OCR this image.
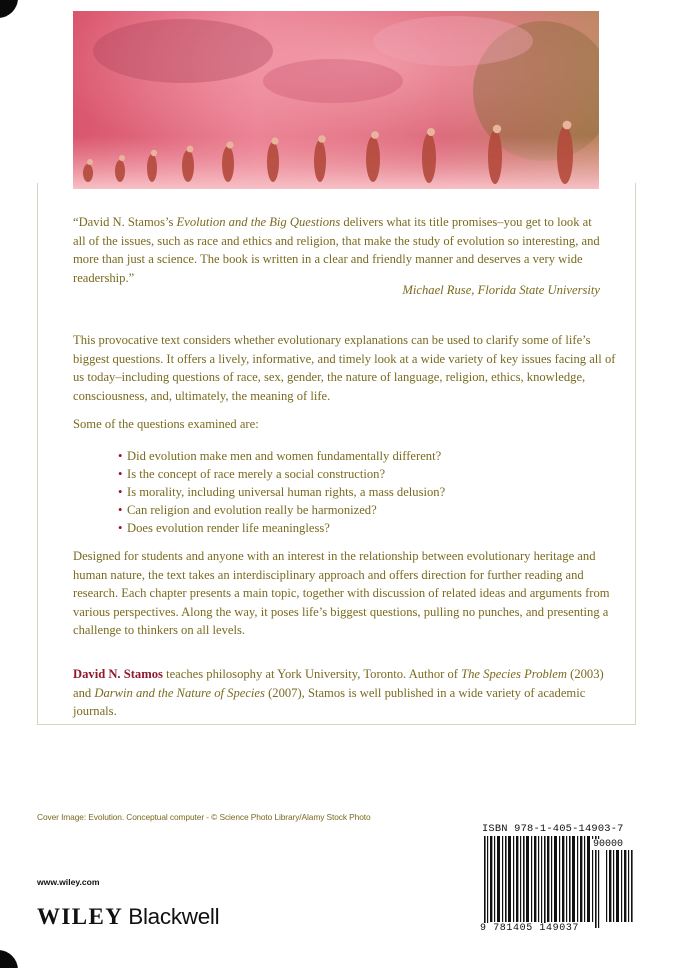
“David N. Stamos’s Evolution and the Big Questions delivers what its title promises–you get to look at all of the issues, such as race and ethics and religion, that make the study of evolution so interesting, and more than just a science. The book is written in a clear and friendly manner and deserves a very wide readership.”

Michael Ruse, Florida State University

This provocative text considers whether evolutionary explanations can be used to clarify some of life’s biggest questions. It offers a lively, informative, and timely look at a wide variety of key issues facing all of us today–including questions of race, sex, gender, the nature of language, religion, ethics, knowledge, consciousness, and, ultimately, the meaning of life.

Some of the questions examined are:

• Did evolution make men and women fundamentally different?
• Is the concept of race merely a social construction?
• Is morality, including universal human rights, a mass delusion?
• Can religion and evolution really be harmonized?
• Does evolution render life meaningless?

Designed for students and anyone with an interest in the relationship between evolutionary heritage and human nature, the text takes an interdisciplinary approach and offers direction for further reading and research. Each chapter presents a main topic, together with discussion of related ideas and arguments from various perspectives. Along the way, it poses life’s biggest questions, pulling no punches, and presenting a challenge to thinkers on all levels.

David N. Stamos teaches philosophy at York University, Toronto. Author of The Species Problem (2003) and Darwin and the Nature of Species (2007), Stamos is well published in a wide variety of academic journals.

Cover Image: Evolution. Conceptual computer - © Science Photo Library/Alamy Stock Photo
www.wiley.com
WILEY Blackwell
ISBN 978-1-405-14903-7
90000
9 781405 149037
